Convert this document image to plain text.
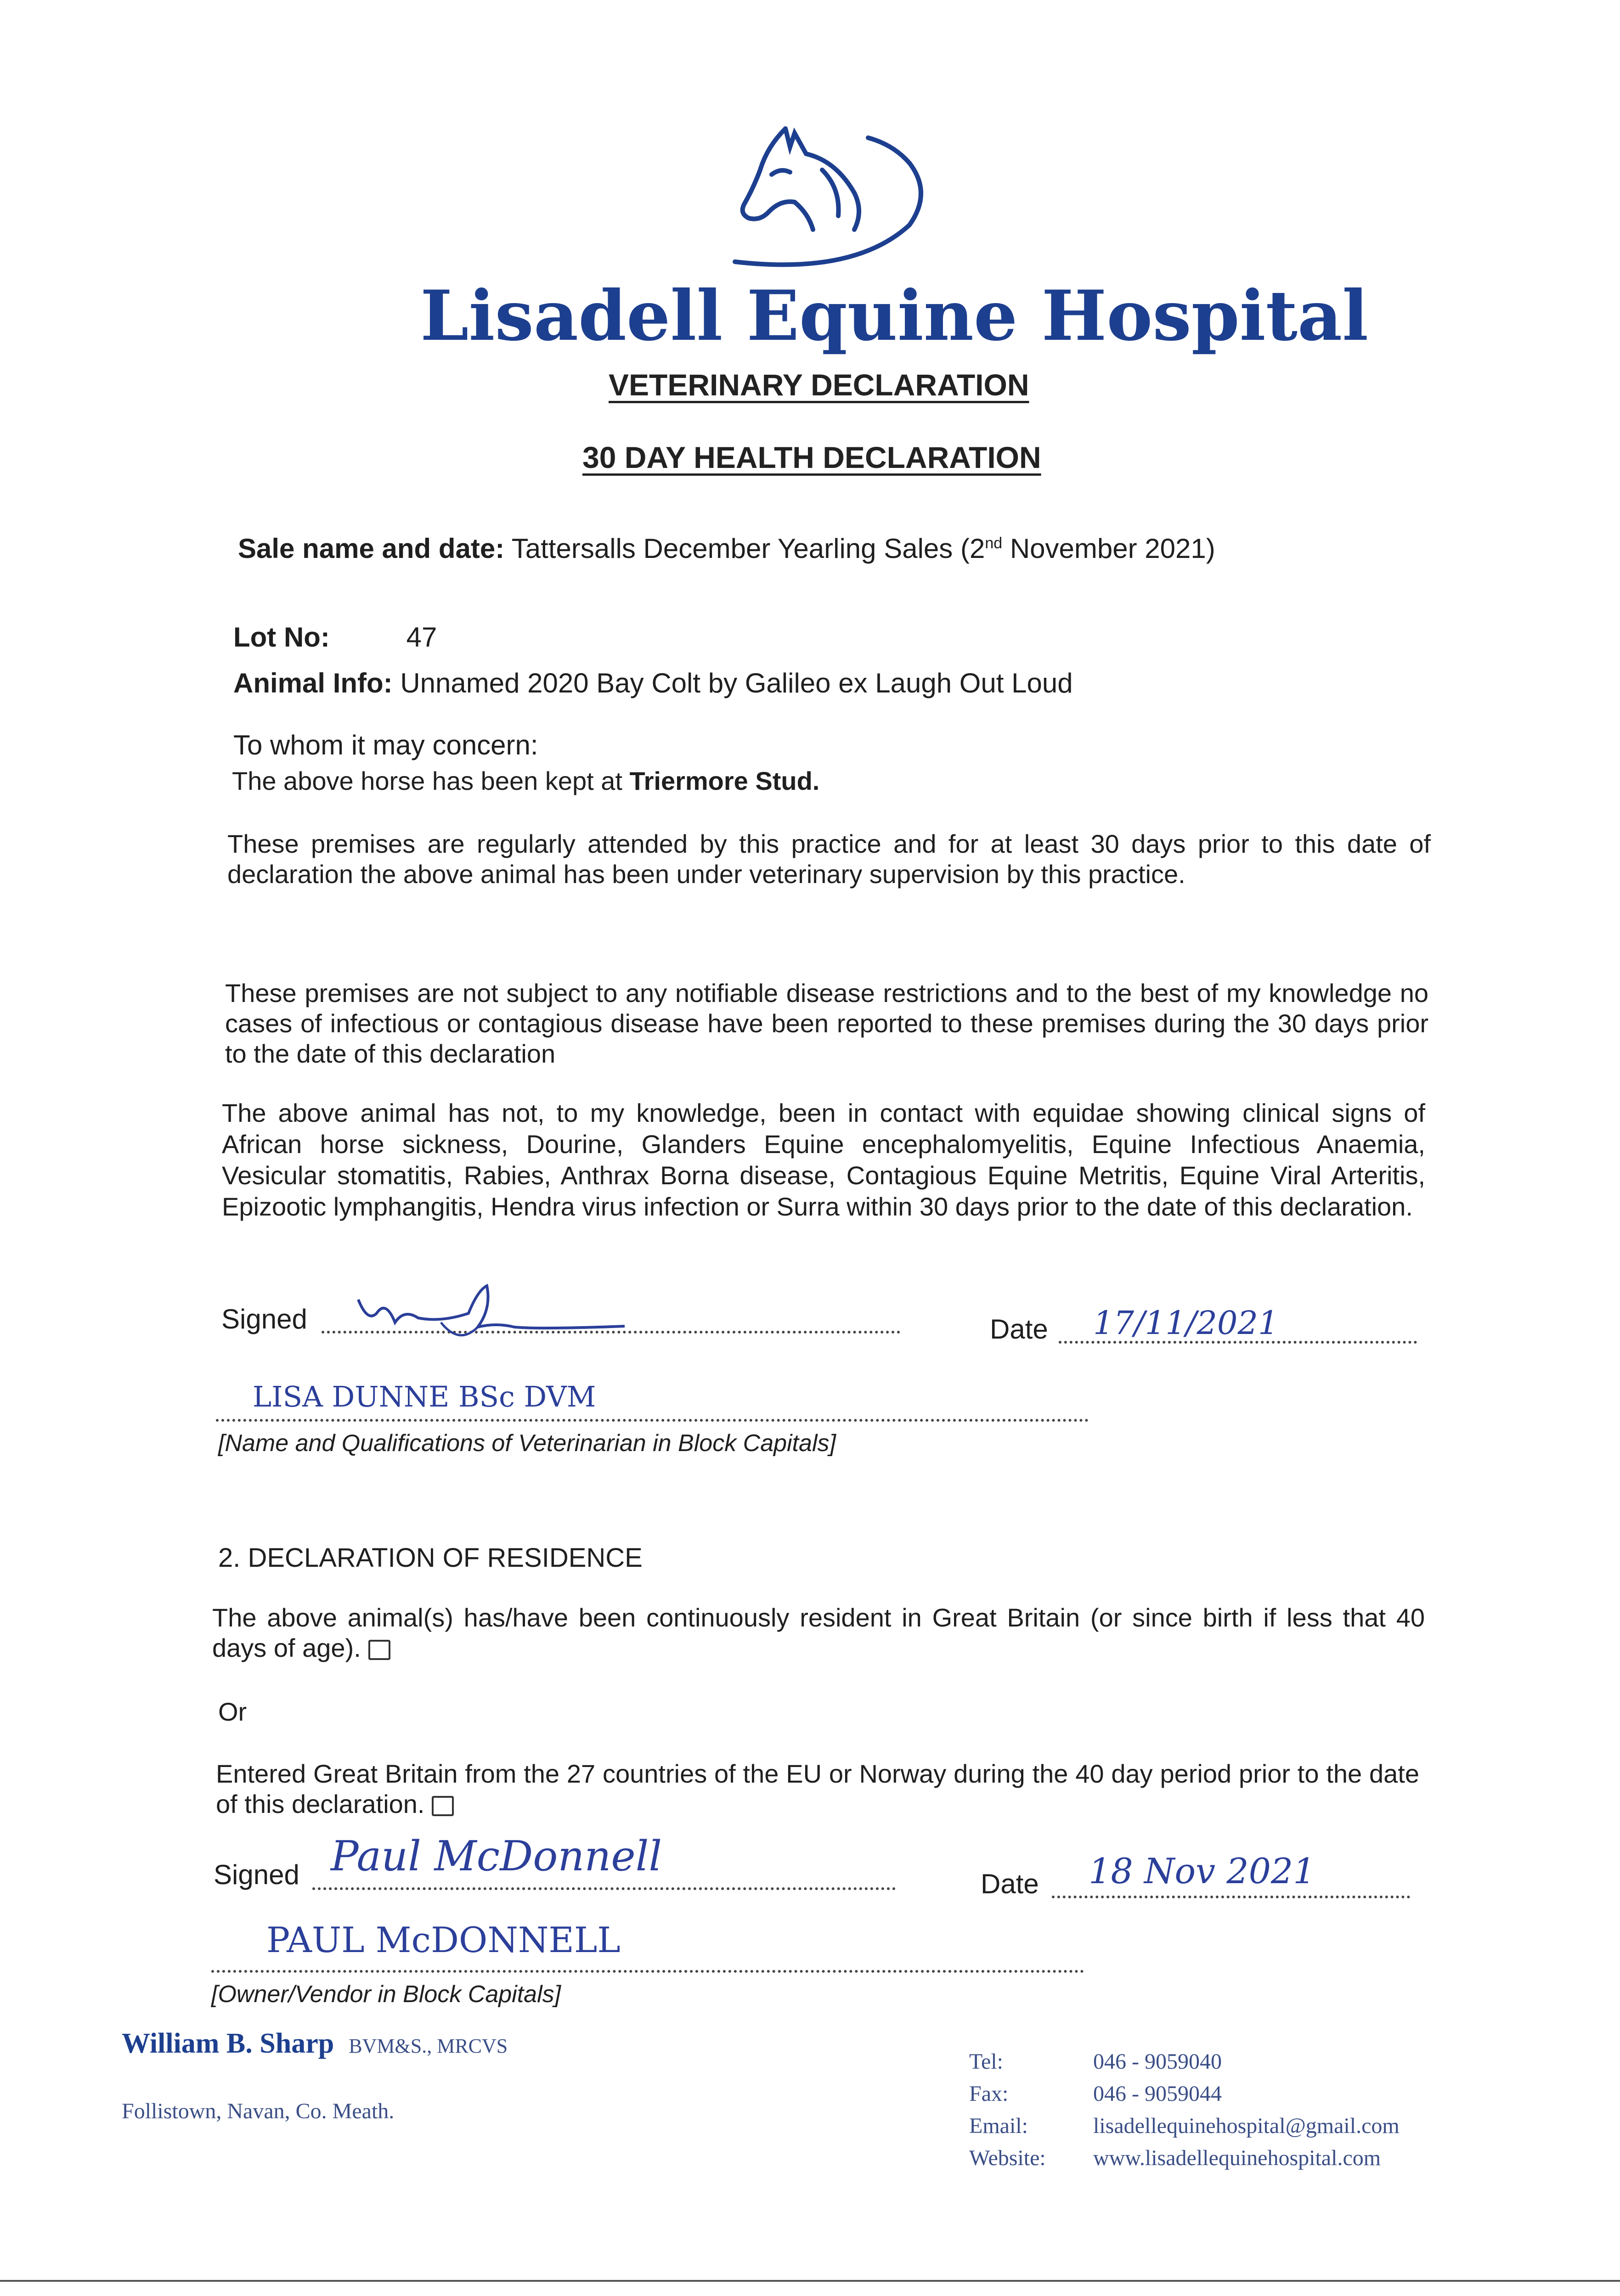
Lisadell Equine Hospital
VETERINARY DECLARATION
30 DAY HEALTH DECLARATION
Sale name and date: Tattersalls December Yearling Sales (2nd November 2021)
Lot No:	47
Animal Info: Unnamed 2020 Bay Colt by Galileo ex Laugh Out Loud
To whom it may concern:
The above horse has been kept at Triermore Stud.
These premises are regularly attended by this practice and for at least 30 days prior to this date of declaration the above animal has been under veterinary supervision by this practice.
These premises are not subject to any notifiable disease restrictions and to the best of my knowledge no cases of infectious or contagious disease have been reported to these premises during the 30 days prior to the date of this declaration
The above animal has not, to my knowledge, been in contact with equidae showing clinical signs of African horse sickness, Dourine, Glanders Equine encephalomyelitis, Equine Infectious Anaemia, Vesicular stomatitis, Rabies, Anthrax Borna disease, Contagious Equine Metritis, Equine Viral Arteritis, Epizootic lymphangitis, Hendra virus infection or Surra within 30 days prior to the date of this declaration.
Signed	Date 17/11/2021
LISA DUNNE BSc DVM
[Name and Qualifications of Veterinarian in Block Capitals]
2. DECLARATION OF RESIDENCE
The above animal(s) has/have been continuously resident in Great Britain (or since birth if less that 40 days of age).
Or
Entered Great Britain from the 27 countries of the EU or Norway during the 40 day period prior to the date of this declaration.
Signed Paul McDonnell
Date 18 Nov 2021
PAUL McDONNELL
[Owner/Vendor in Block Capitals]
William B. Sharp BVM&S., MRCVS
Follistown, Navan, Co. Meath.
Tel:	046 - 9059040
Fax:	046 - 9059044
Email:	lisadellequinehospital@gmail.com
Website: www.lisadellequinehospital.com
